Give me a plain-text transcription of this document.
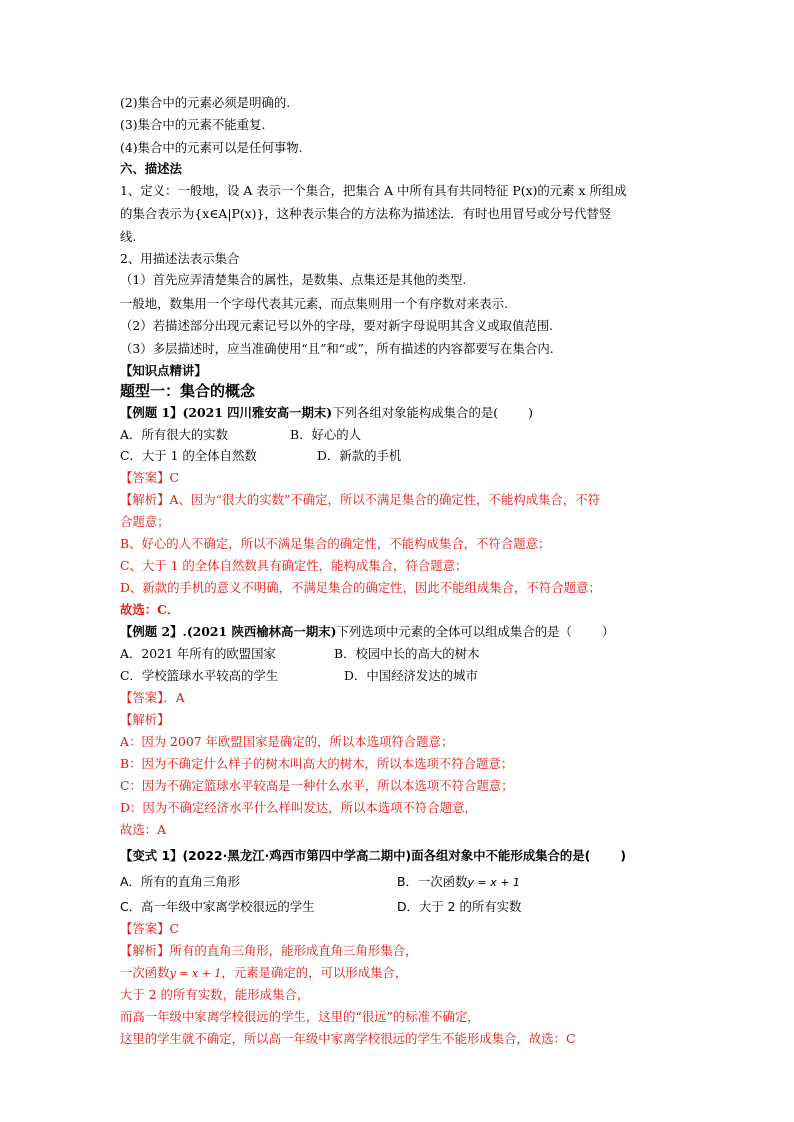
(2)集合中的元素必须是明确的.
(3)集合中的元素不能重复.
(4)集合中的元素可以是任何事物.
六、描述法
1、定义：一般地，设 A 表示一个集合，把集合 A 中所有具有共同特征 P(x)的元素 x 所组成
的集合表示为{x∈A|P(x)}，这种表示集合的方法称为描述法．有时也用冒号或分号代替竖
线.
2、用描述法表示集合
（1）首先应弄清楚集合的属性，是数集、点集还是其他的类型.
一般地，数集用一个字母代表其元素，而点集则用一个有序数对来表示.
（2）若描述部分出现元素记号以外的字母，要对新字母说明其含义或取值范围.
（3）多层描述时，应当准确使用“且”和“或”，所有描述的内容都要写在集合内.
【知识点精讲】
题型一：集合的概念
【例题 1】(2021 四川雅安高一期末)下列各组对象能构成集合的是( )
A．所有很大的实数	B．好心的人
C．大于 1 的全体自然数	D．新款的手机
【答案】C
【解析】A、因为“很大的实数”不确定，所以不满足集合的确定性，不能构成集合，不符
合题意；
B、好心的人不确定，所以不满足集合的确定性，不能构成集合，不符合题意；
C、大于 1 的全体自然数具有确定性，能构成集合，符合题意；
D、新款的手机的意义不明确，不满足集合的确定性，因此不能组成集合，不符合题意；
故选：C．
【例题 2】.(2021 陕西榆林高一期末)下列选项中元素的全体可以组成集合的是（ ）
A．2021 年所有的欧盟国家	B．校园中长的高大的树木
C．学校篮球水平较高的学生	D．中国经济发达的城市
【答案】．A
【解析】
A：因为 2007 年欧盟国家是确定的，所以本选项符合题意；
B：因为不确定什么样子的树木叫高大的树木，所以本选项不符合题意；
C：因为不确定篮球水平较高是一种什么水平，所以本选项不符合题意；
D：因为不确定经济水平什么样叫发达，所以本选项不符合题意，
故选：A
【变式 1】(2022·黑龙江·鸡西市第四中学高二期中)面各组对象中不能形成集合的是( )
A．所有的直角三角形	B．一次函数y = x + 1
C．高一年级中家离学校很远的学生	D．大于 2 的所有实数
【答案】C
【解析】所有的直角三角形，能形成直角三角形集合，
一次函数y = x + 1，元素是确定的，可以形成集合，
大于 2 的所有实数，能形成集合，
而高一年级中家离学校很远的学生，这里的“很远”的标准不确定，
这里的学生就不确定，所以高一年级中家离学校很远的学生不能形成集合，故选：C
